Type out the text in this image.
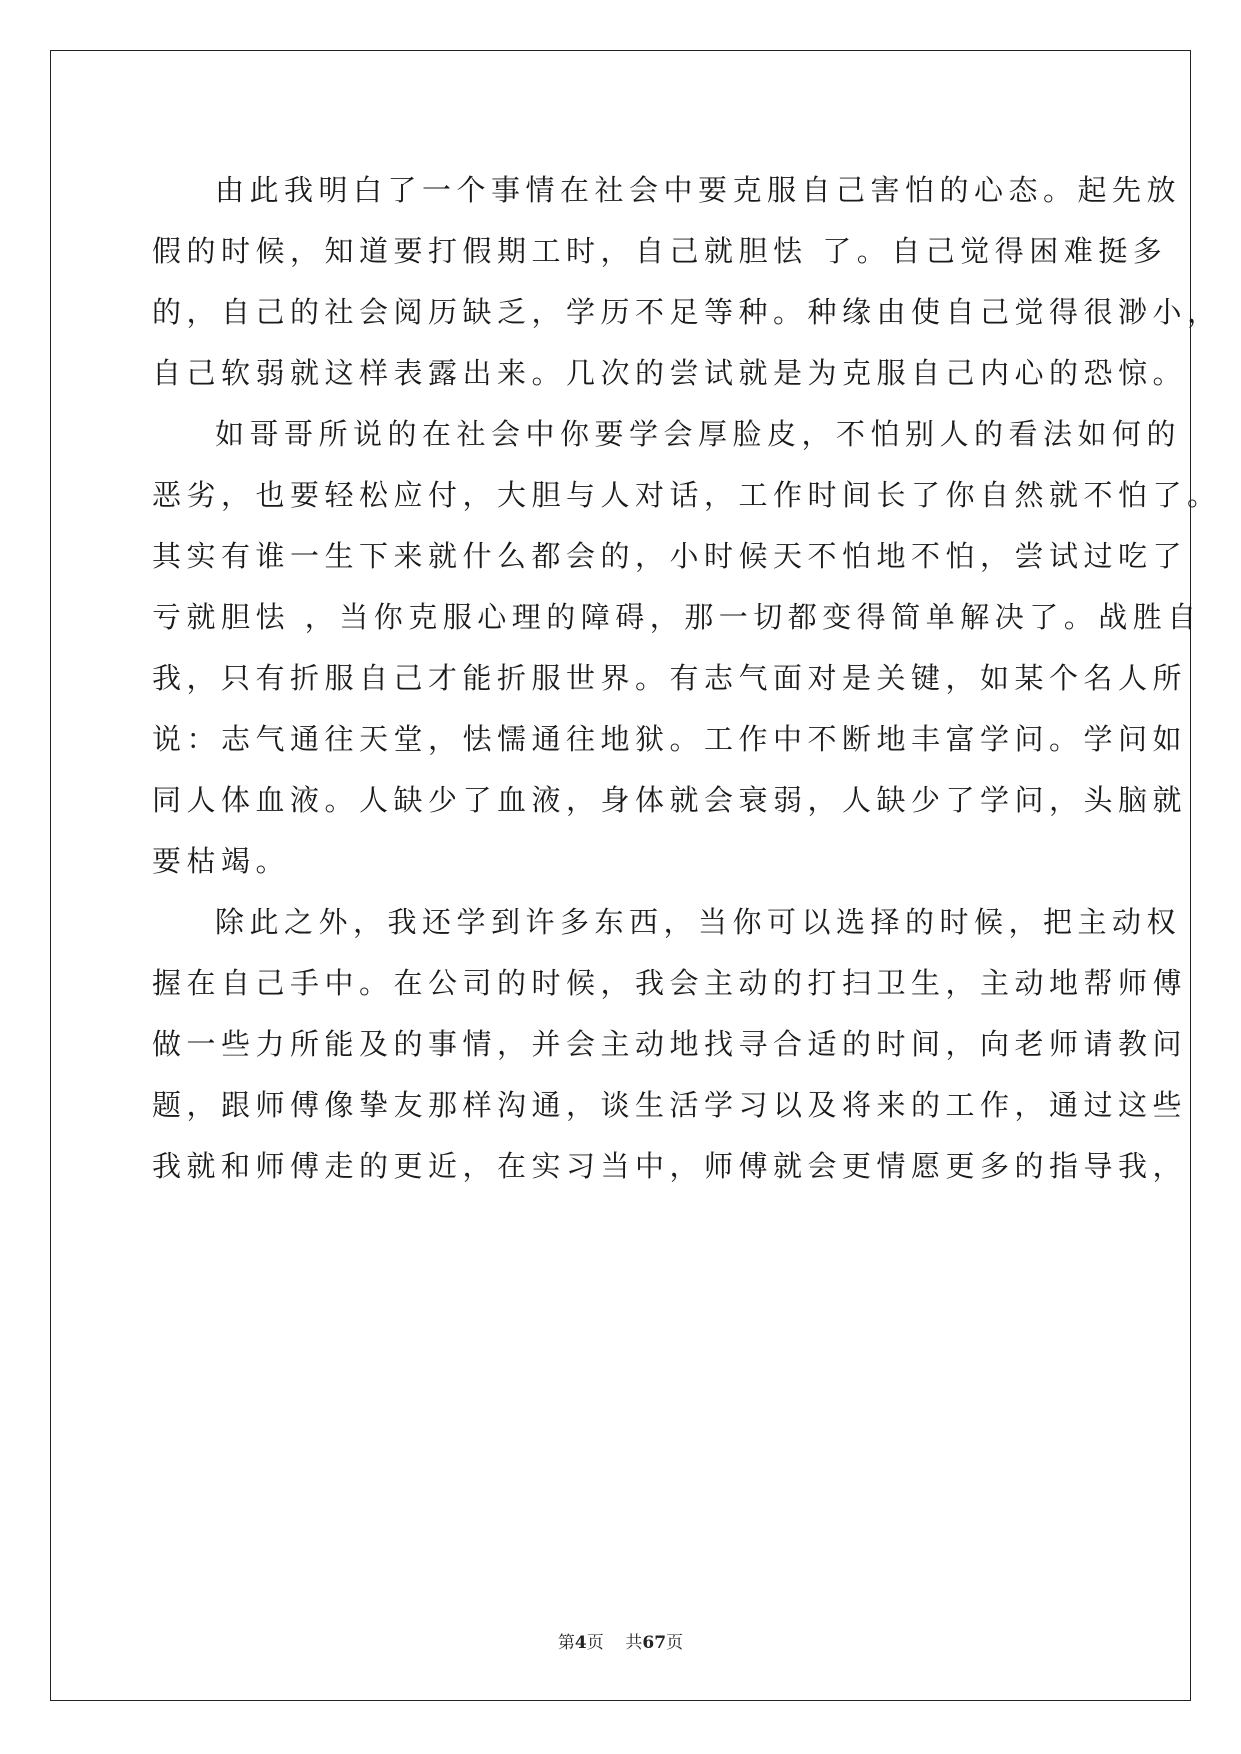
由此我明白了一个事情在社会中要克服自己害怕的心态。起先放
假的时候，知道要打假期工时，自己就胆怯 了。自己觉得困难挺多
的，自己的社会阅历缺乏，学历不足等种。种缘由使自己觉得很渺小，
自己软弱就这样表露出来。几次的尝试就是为克服自己内心的恐惊。
如哥哥所说的在社会中你要学会厚脸皮，不怕别人的看法如何的
恶劣，也要轻松应付，大胆与人对话，工作时间长了你自然就不怕了。
其实有谁一生下来就什么都会的，小时候天不怕地不怕，尝试过吃了
亏就胆怯 ，当你克服心理的障碍，那一切都变得简单解决了。战胜自
我，只有折服自己才能折服世界。有志气面对是关键，如某个名人所
说：志气通往天堂，怯懦通往地狱。工作中不断地丰富学问。学问如
同人体血液。人缺少了血液，身体就会衰弱，人缺少了学问，头脑就
要枯竭。
除此之外，我还学到许多东西，当你可以选择的时候，把主动权
握在自己手中。在公司的时候，我会主动的打扫卫生，主动地帮师傅
做一些力所能及的事情，并会主动地找寻合适的时间，向老师请教问
题，跟师傅像挚友那样沟通，谈生活学习以及将来的工作，通过这些
我就和师傅走的更近，在实习当中，师傅就会更情愿更多的指导我，
第4页 共67页
